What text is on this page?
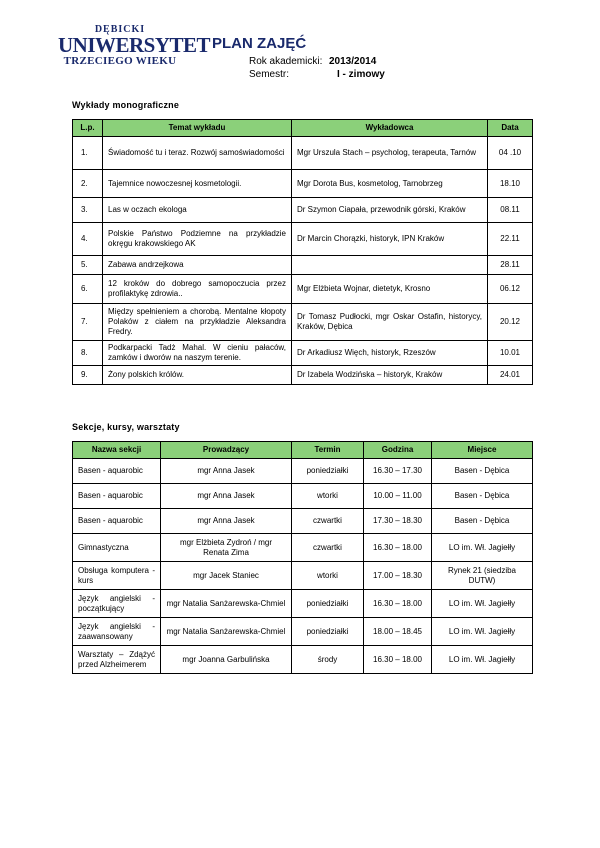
DĘBICKI
UNIWERSYTET
TRZECIEGO WIEKU
PLAN ZAJĘĆ
Rok akademicki: 2013/2014
Semestr:	I - zimowy
Wykłady monograficzne
L.p.	Temat wykładu	Wykładowca	Data
1.	Świadomość tu i teraz. Rozwój samoświadomości	Mgr Urszula Stach – psycholog, terapeuta, Tarnów	04 .10
2.	Tajemnice nowoczesnej kosmetologii.	Mgr Dorota Bus, kosmetolog, Tarnobrzeg	18.10
3.	Las w oczach ekologa	Dr Szymon Ciapała, przewodnik górski, Kraków	08.11
4.	Polskie Państwo Podziemne na przykładzie okręgu krakowskiego AK	Dr Marcin Chorązki, historyk, IPN Kraków	22.11
5.	Zabawa andrzejkowa		28.11
6.	12 kroków do dobrego samopoczucia przez profilaktykę zdrowia..	Mgr Elżbieta Wojnar, dietetyk, Krosno	06.12
7.	Między spełnieniem a chorobą. Mentalne kłopoty Polaków z ciałem na przykładzie Aleksandra Fredry.	Dr Tomasz Pudłocki, mgr Oskar Ostafin, historycy, Kraków, Dębica	20.12
8.	Podkarpacki Tadż Mahal. W cieniu pałaców, zamków i dworów na naszym terenie.	Dr Arkadiusz Więch, historyk, Rzeszów	10.01
9.	Żony polskich królów.	Dr Izabela Wodzińska – historyk, Kraków	24.01
Sekcje, kursy, warsztaty
Nazwa sekcji	Prowadzący	Termin	Godzina	Miejsce
Basen - aquarobic	mgr Anna Jasek	poniedziałki	16.30 – 17.30	Basen - Dębica
Basen - aquarobic	mgr Anna Jasek	wtorki	10.00 – 11.00	Basen - Dębica
Basen - aquarobic	mgr Anna Jasek	czwartki	17.30 – 18.30	Basen - Dębica
Gimnastyczna	mgr Elżbieta Zydroń / mgr Renata Zima	czwartki	16.30 – 18.00	LO im. Wł. Jagiełły
Obsługa komputera - kurs	mgr Jacek Staniec	wtorki	17.00 – 18.30	Rynek 21 (siedziba DUTW)
Język angielski - początkujący	mgr Natalia Sanżarewska-Chmiel	poniedziałki	16.30 – 18.00	LO im. Wł. Jagiełły
Język angielski - zaawansowany	mgr Natalia Sanżarewska-Chmiel	poniedziałki	18.00 – 18.45	LO im. Wł. Jagiełły
Warsztaty – Zdążyć przed Alzheimerem	mgr Joanna Garbulińska	środy	16.30 – 18.00	LO im. Wł. Jagiełły
